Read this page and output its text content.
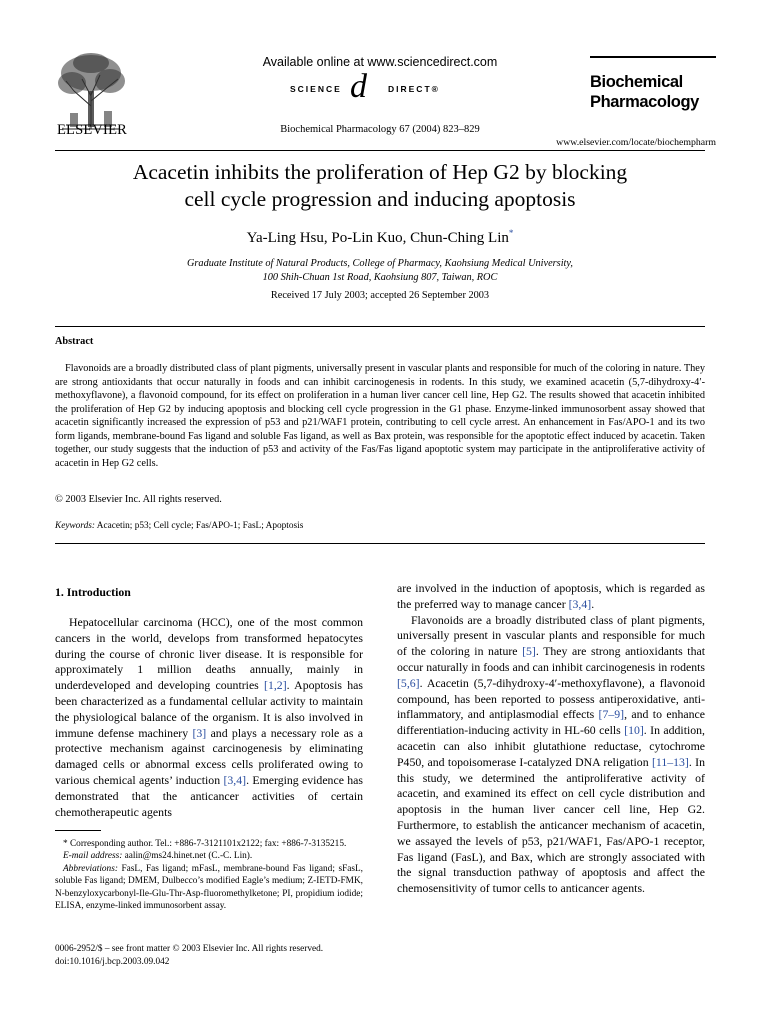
ELSEVIER
Available online at www.sciencedirect.com
SCIENCE d DIRECT®
Biochemical Pharmacology 67 (2004) 823–829
Biochemical
Pharmacology
www.elsevier.com/locate/biochempharm
Acacetin inhibits the proliferation of Hep G2 by blocking
cell cycle progression and inducing apoptosis
Ya-Ling Hsu, Po-Lin Kuo, Chun-Ching Lin*
Graduate Institute of Natural Products, College of Pharmacy, Kaohsiung Medical University,
100 Shih-Chuan 1st Road, Kaohsiung 807, Taiwan, ROC
Received 17 July 2003; accepted 26 September 2003
Abstract
Flavonoids are a broadly distributed class of plant pigments, universally present in vascular plants and responsible for much of the coloring in nature. They are strong antioxidants that occur naturally in foods and can inhibit carcinogenesis in rodents. In this study, we examined acacetin (5,7-dihydroxy-4′-methoxyflavone), a flavonoid compound, for its effect on proliferation in a human liver cancer cell line, Hep G2. The results showed that acacetin inhibited the proliferation of Hep G2 by inducing apoptosis and blocking cell cycle progression in the G1 phase. Enzyme-linked immunosorbent assay showed that acacetin significantly increased the expression of p53 and p21/WAF1 protein, contributing to cell cycle arrest. An enhancement in Fas/APO-1 and its two form ligands, membrane-bound Fas ligand and soluble Fas ligand, as well as Bax protein, was responsible for the apoptotic effect induced by acacetin. Taken together, our study suggests that the induction of p53 and activity of the Fas/Fas ligand apoptotic system may participate in the antiproliferative activity of acacetin in Hep G2 cells.
© 2003 Elsevier Inc. All rights reserved.
Keywords: Acacetin; p53; Cell cycle; Fas/APO-1; FasL; Apoptosis
1. Introduction

Hepatocellular carcinoma (HCC), one of the most common cancers in the world, develops from transformed hepatocytes during the course of chronic liver disease. It is responsible for approximately 1 million deaths annually, mainly in underdeveloped and developing countries [1,2]. Apoptosis has been characterized as a fundamental cellular activity to maintain the physiological balance of the organism. It is also involved in immune defense machinery [3] and plays a necessary role as a protective mechanism against carcinogenesis by eliminating damaged cells or abnormal excess cells proliferated owing to various chemical agents’ induction [3,4]. Emerging evidence has demonstrated that the anticancer activities of certain chemotherapeutic agents

* Corresponding author. Tel.: +886-7-3121101x2122; fax: +886-7-3135215.

E-mail address: aalin@ms24.hinet.net (C.-C. Lin).

Abbreviations: FasL, Fas ligand; mFasL, membrane-bound Fas ligand; sFasL, soluble Fas ligand; DMEM, Dulbecco’s modified Eagle’s medium; Z-IETD-FMK, N-benzyloxycarbonyl-Ile-Glu-Thr-Asp-fluoromethylketone; PI, propidium iodide; ELISA, enzyme-linked immunosorbent assay.

0006-2952/$ – see front matter © 2003 Elsevier Inc. All rights reserved.
doi:10.1016/j.bcp.2003.09.042

are involved in the induction of apoptosis, which is regarded as the preferred way to manage cancer [3,4].

Flavonoids are a broadly distributed class of plant pigments, universally present in vascular plants and responsible for much of the coloring in nature [5]. They are strong antioxidants that occur naturally in foods and can inhibit carcinogenesis in rodents [5,6]. Acacetin (5,7-dihydroxy-4′-methoxyflavone), a flavonoid compound, has been reported to possess antiperoxidative, anti-inflammatory, and antiplasmodial effects [7–9], and to enhance differentiation-inducing activity in HL-60 cells [10]. In addition, acacetin can also inhibit glutathione reductase, cytochrome P450, and topoisomerase I-catalyzed DNA religation [11–13]. In this study, we determined the antiproliferative activity of acacetin, and examined its effect on cell cycle distribution and apoptosis in the human liver cancer cell line, Hep G2. Furthermore, to establish the anticancer mechanism of acacetin, we assayed the levels of p53, p21/WAF1, Fas/APO-1 receptor, Fas ligand (FasL), and Bax, which are strongly associated with the signal transduction pathway of apoptosis and affect the chemosensitivity of tumor cells to anticancer agents.
